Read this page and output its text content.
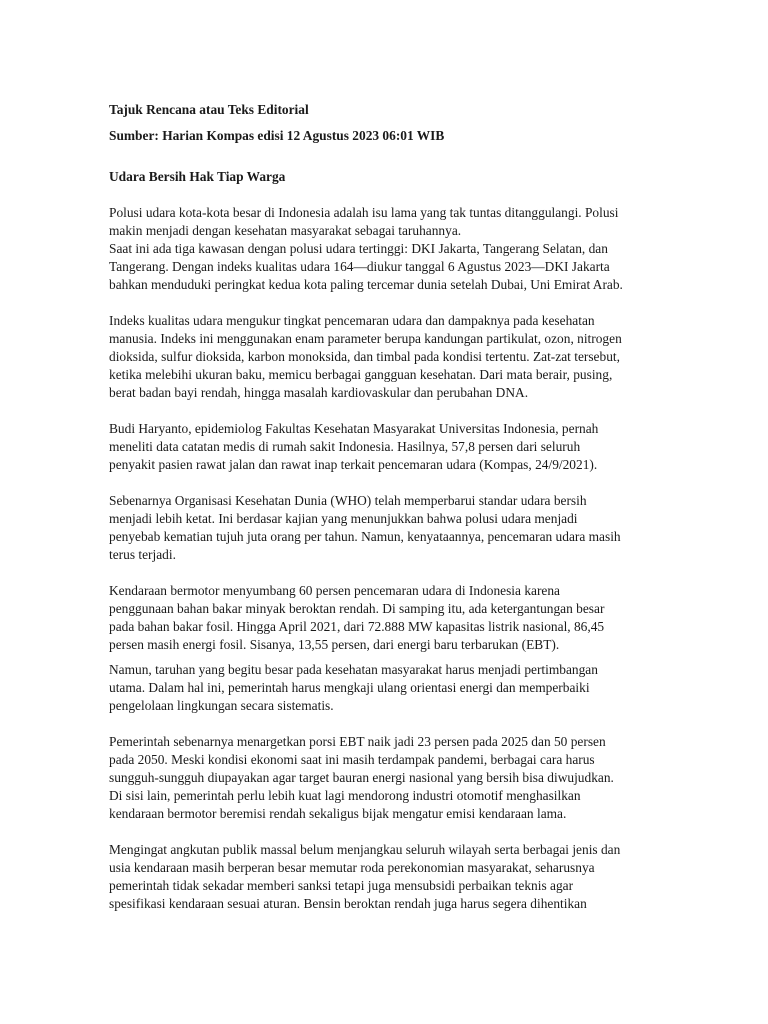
Tajuk Rencana atau Teks Editorial

Sumber: Harian Kompas edisi 12 Agustus 2023 06:01 WIB

Udara Bersih Hak Tiap Warga

Polusi udara kota-kota besar di Indonesia adalah isu lama yang tak tuntas ditanggulangi. Polusi
makin menjadi dengan kesehatan masyarakat sebagai taruhannya.
Saat ini ada tiga kawasan dengan polusi udara tertinggi: DKI Jakarta, Tangerang Selatan, dan
Tangerang. Dengan indeks kualitas udara 164—diukur tanggal 6 Agustus 2023—DKI Jakarta
bahkan menduduki peringkat kedua kota paling tercemar dunia setelah Dubai, Uni Emirat Arab.
Indeks kualitas udara mengukur tingkat pencemaran udara dan dampaknya pada kesehatan
manusia. Indeks ini menggunakan enam parameter berupa kandungan partikulat, ozon, nitrogen
dioksida, sulfur dioksida, karbon monoksida, dan timbal pada kondisi tertentu. Zat-zat tersebut,
ketika melebihi ukuran baku, memicu berbagai gangguan kesehatan. Dari mata berair, pusing,
berat badan bayi rendah, hingga masalah kardiovaskular dan perubahan DNA.
Budi Haryanto, epidemiolog Fakultas Kesehatan Masyarakat Universitas Indonesia, pernah
meneliti data catatan medis di rumah sakit Indonesia. Hasilnya, 57,8 persen dari seluruh
penyakit pasien rawat jalan dan rawat inap terkait pencemaran udara (Kompas, 24/9/2021).
Sebenarnya Organisasi Kesehatan Dunia (WHO) telah memperbarui standar udara bersih
menjadi lebih ketat. Ini berdasar kajian yang menunjukkan bahwa polusi udara menjadi
penyebab kematian tujuh juta orang per tahun. Namun, kenyataannya, pencemaran udara masih
terus terjadi.
Kendaraan bermotor menyumbang 60 persen pencemaran udara di Indonesia karena
penggunaan bahan bakar minyak beroktan rendah. Di samping itu, ada ketergantungan besar
pada bahan bakar fosil. Hingga April 2021, dari 72.888 MW kapasitas listrik nasional, 86,45
persen masih energi fosil. Sisanya, 13,55 persen, dari energi baru terbarukan (EBT).
Namun, taruhan yang begitu besar pada kesehatan masyarakat harus menjadi pertimbangan
utama. Dalam hal ini, pemerintah harus mengkaji ulang orientasi energi dan memperbaiki
pengelolaan lingkungan secara sistematis.
Pemerintah sebenarnya menargetkan porsi EBT naik jadi 23 persen pada 2025 dan 50 persen
pada 2050. Meski kondisi ekonomi saat ini masih terdampak pandemi, berbagai cara harus
sungguh-sungguh diupayakan agar target bauran energi nasional yang bersih bisa diwujudkan.
Di sisi lain, pemerintah perlu lebih kuat lagi mendorong industri otomotif menghasilkan
kendaraan bermotor beremisi rendah sekaligus bijak mengatur emisi kendaraan lama.
Mengingat angkutan publik massal belum menjangkau seluruh wilayah serta berbagai jenis dan
usia kendaraan masih berperan besar memutar roda perekonomian masyarakat, seharusnya
pemerintah tidak sekadar memberi sanksi tetapi juga mensubsidi perbaikan teknis agar
spesifikasi kendaraan sesuai aturan. Bensin beroktan rendah juga harus segera dihentikan
